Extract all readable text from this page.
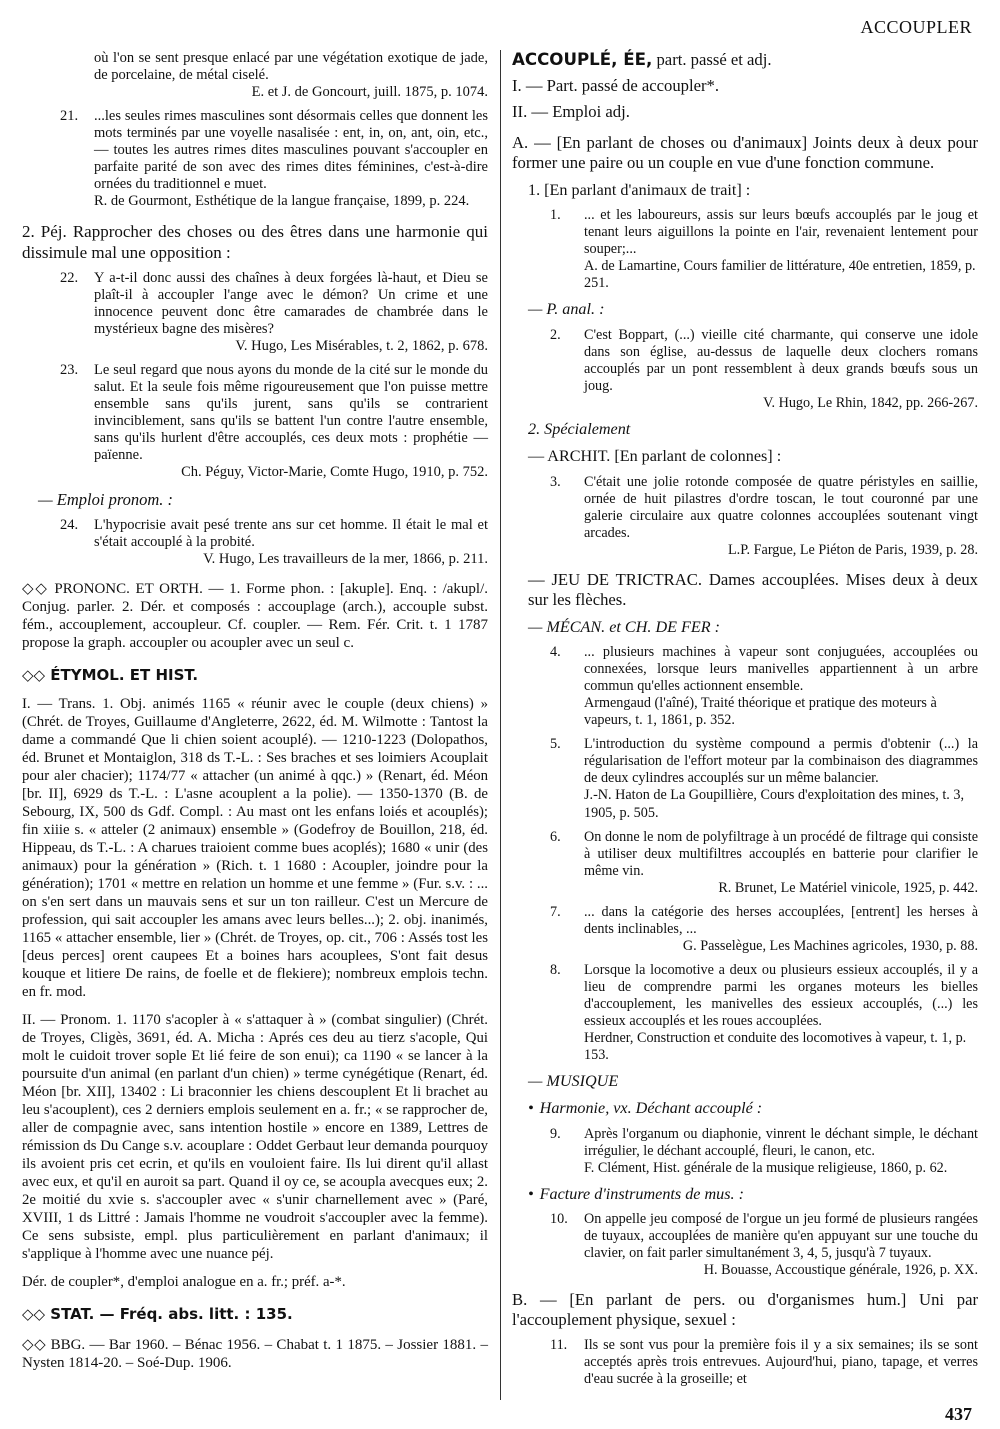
ACCOUPLER
où l'on se sent presque enlacé par une végétation exotique de jade, de porcelaine, de métal ciselé.
E. et J. de Goncourt, juill. 1875, p. 1074.
21. ...les seules rimes masculines sont désormais celles que donnent les mots terminés par une voyelle nasalisée : ent, in, on, ant, oin, etc., — toutes les autres rimes dites masculines pouvant s'accoupler en parfaite parité de son avec des rimes dites féminines, c'est-à-dire ornées du traditionnel e muet.
R. de Gourmont, Esthétique de la langue française, 1899, p. 224.
2. Péj. Rapprocher des choses ou des êtres dans une harmonie qui dissimule mal une opposition :
22. Y a-t-il donc aussi des chaînes à deux forgées là-haut, et Dieu se plaît-il à accoupler l'ange avec le démon? Un crime et une innocence peuvent donc être camarades de chambrée dans le mystérieux bagne des misères?
V. Hugo, Les Misérables, t. 2, 1862, p. 678.
23. Le seul regard que nous ayons du monde de la cité sur le monde du salut. Et la seule fois même rigoureusement que l'on puisse mettre ensemble sans qu'ils jurent, sans qu'ils se contrarient invinciblement, sans qu'ils se battent l'un contre l'autre ensemble, sans qu'ils hurlent d'être accouplés, ces deux mots : prophétie — païenne.
Ch. Péguy, Victor-Marie, Comte Hugo, 1910, p. 752.
— Emploi pronom. :
24. L'hypocrisie avait pesé trente ans sur cet homme. Il était le mal et s'était accouplé à la probité.
V. Hugo, Les travailleurs de la mer, 1866, p. 211.
◇◇ PRONONC. ET ORTH. — 1. Forme phon. : [akuple]. Enq. : /akupl/. Conjug. parler. 2. Dér. et composés : accouplage (arch.), accouple subst. fém., accouplement, accoupleur. Cf. coupler. — Rem. Fér. Crit. t. 1 1787 propose la graph. accoupler ou acoupler avec un seul c.
◇◇ ÉTYMOL. ET HIST.
I. — Trans. 1. Obj. animés 1165 « réunir avec le couple (deux chiens) » (Chrét. de Troyes, Guillaume d'Angleterre, 2622, éd. M. Wilmotte : Tantost la dame a commandé Que li chien soient acouplé). — 1210-1223 (Dolopathos, éd. Brunet et Montaiglon, 318 ds T.-L. : Ses braches et ses loimiers Acouplait pour aler chacier); 1174/77 « attacher (un animé à qqc.) » (Renart, éd. Méon [br. II], 6929 ds T.-L. : L'asne acouplent a la polie). — 1350-1370 (B. de Sebourg, IX, 500 ds Gdf. Compl. : Au mast ont les enfans loiés et acouplés); fin xiiie s. « atteler (2 animaux) ensemble » (Godefroy de Bouillon, 218, éd. Hippeau, ds T.-L. : A charues traioient comme bues acoplés); 1680 « unir (des animaux) pour la génération » (Rich. t. 1 1680 : Acoupler, joindre pour la génération); 1701 « mettre en relation un homme et une femme » (Fur. s.v. : ... on s'en sert dans un mauvais sens et sur un ton railleur. C'est un Mercure de profession, qui sait accoupler les amans avec leurs belles...); 2. obj. inanimés, 1165 « attacher ensemble, lier » (Chrét. de Troyes, op. cit., 706 : Assés tost les [deus perces] orent caupees Et a boines hars acouplees, S'ont fait desus kouque et litiere De rains, de foelle et de flekiere); nombreux emplois techn. en fr. mod.
II. — Pronom. 1. 1170 s'acopler à « s'attaquer à » (combat singulier) (Chrét. de Troyes, Cligès, 3691, éd. A. Micha : Aprés ces deu au tierz s'acople, Qui molt le cuidoit trover sople Et lié feire de son enui); ca 1190 « se lancer à la poursuite d'un animal (en parlant d'un chien) » terme cynégétique (Renart, éd. Méon [br. XII], 13402 : Li braconnier les chiens descouplent Et li brachet au leu s'acouplent), ces 2 derniers emplois seulement en a. fr.; « se rapprocher de, aller de compagnie avec, sans intention hostile » encore en 1389, Lettres de rémission ds Du Cange s.v. acouplare : Oddet Gerbaut leur demanda pourquoy ils avoient pris cet ecrin, et qu'ils en vouloient faire. Ils lui dirent qu'il allast avec eux, et qu'il en auroit sa part. Quand il oy ce, se acoupla avecques eux; 2. 2e moitié du xvie s. s'accoupler avec « s'unir charnellement avec » (Paré, XVIII, 1 ds Littré : Jamais l'homme ne voudroit s'accoupler avec la femme). Ce sens subsiste, empl. plus particulièrement en parlant d'animaux; il s'applique à l'homme avec une nuance péj.
Dér. de coupler*, d'emploi analogue en a. fr.; préf. a-*.
◇◇ STAT. — Fréq. abs. litt. : 135.
◇◇ BBG. — Bar 1960. – Bénac 1956. – Chabat t. 1 1875. – Jossier 1881. – Nysten 1814-20. – Soé-Dup. 1906.
ACCOUPLÉ, ÉE, part. passé et adj.
I. — Part. passé de accoupler*.
II. — Emploi adj.
A. — [En parlant de choses ou d'animaux] Joints deux à deux pour former une paire ou un couple en vue d'une fonction commune.
1. [En parlant d'animaux de trait] :
1. ... et les laboureurs, assis sur leurs bœufs accouplés par le joug et tenant leurs aiguillons la pointe en l'air, revenaient lentement pour souper;...
A. de Lamartine, Cours familier de littérature, 40e entretien, 1859, p. 251.
— P. anal. :
2. C'est Boppart, (...) vieille cité charmante, qui conserve une idole dans son église, au-dessus de laquelle deux clochers romans accouplés par un pont ressemblent à deux grands bœufs sous un joug.
V. Hugo, Le Rhin, 1842, pp. 266-267.
2. Spécialement
— ARCHIT. [En parlant de colonnes] :
3. C'était une jolie rotonde composée de quatre péristyles en saillie, ornée de huit pilastres d'ordre toscan, le tout couronné par une galerie circulaire aux quatre colonnes accouplées soutenant vingt arcades.
L.P. Fargue, Le Piéton de Paris, 1939, p. 28.
— JEU DE TRICTRAC. Dames accouplées. Mises deux à deux sur les flèches.
— MÉCAN. et CH. DE FER :
4. ... plusieurs machines à vapeur sont conjuguées, accouplées ou connexées, lorsque leurs manivelles appartiennent à un arbre commun qu'elles actionnent ensemble.
Armengaud (l'aîné), Traité théorique et pratique des moteurs à vapeurs, t. 1, 1861, p. 352.
5. L'introduction du système compound a permis d'obtenir (...) la régularisation de l'effort moteur par la combinaison des diagrammes de deux cylindres accouplés sur un même balancier.
J.-N. Haton de La Goupillière, Cours d'exploitation des mines, t. 3, 1905, p. 505.
6. On donne le nom de polyfiltrage à un procédé de filtrage qui consiste à utiliser deux multifiltres accouplés en batterie pour clarifier le même vin.
R. Brunet, Le Matériel vinicole, 1925, p. 442.
7. ... dans la catégorie des herses accouplées, [entrent] les herses à dents inclinables, ...
G. Passelègue, Les Machines agricoles, 1930, p. 88.
8. Lorsque la locomotive a deux ou plusieurs essieux accouplés, il y a lieu de comprendre parmi les organes moteurs les bielles d'accouplement, les manivelles des essieux accouplés, (...) les essieux accouplés et les roues accouplées.
Herdner, Construction et conduite des locomotives à vapeur, t. 1, p. 153.
— MUSIQUE
• Harmonie, vx. Déchant accouplé :
9. Après l'organum ou diaphonie, vinrent le déchant simple, le déchant irrégulier, le déchant accouplé, fleuri, le canon, etc.
F. Clément, Hist. générale de la musique religieuse, 1860, p. 62.
• Facture d'instruments de mus. :
10. On appelle jeu composé de l'orgue un jeu formé de plusieurs rangées de tuyaux, accouplées de manière qu'en appuyant sur une touche du clavier, on fait parler simultanément 3, 4, 5, jusqu'à 7 tuyaux.
H. Bouasse, Accoustique générale, 1926, p. XX.
B. — [En parlant de pers. ou d'organismes hum.] Uni par l'accouplement physique, sexuel :
11. Ils se sont vus pour la première fois il y a six semaines; ils se sont acceptés après trois entrevues. Aujourd'hui, piano, tapage, et verres d'eau sucrée à la groseille; et
437
